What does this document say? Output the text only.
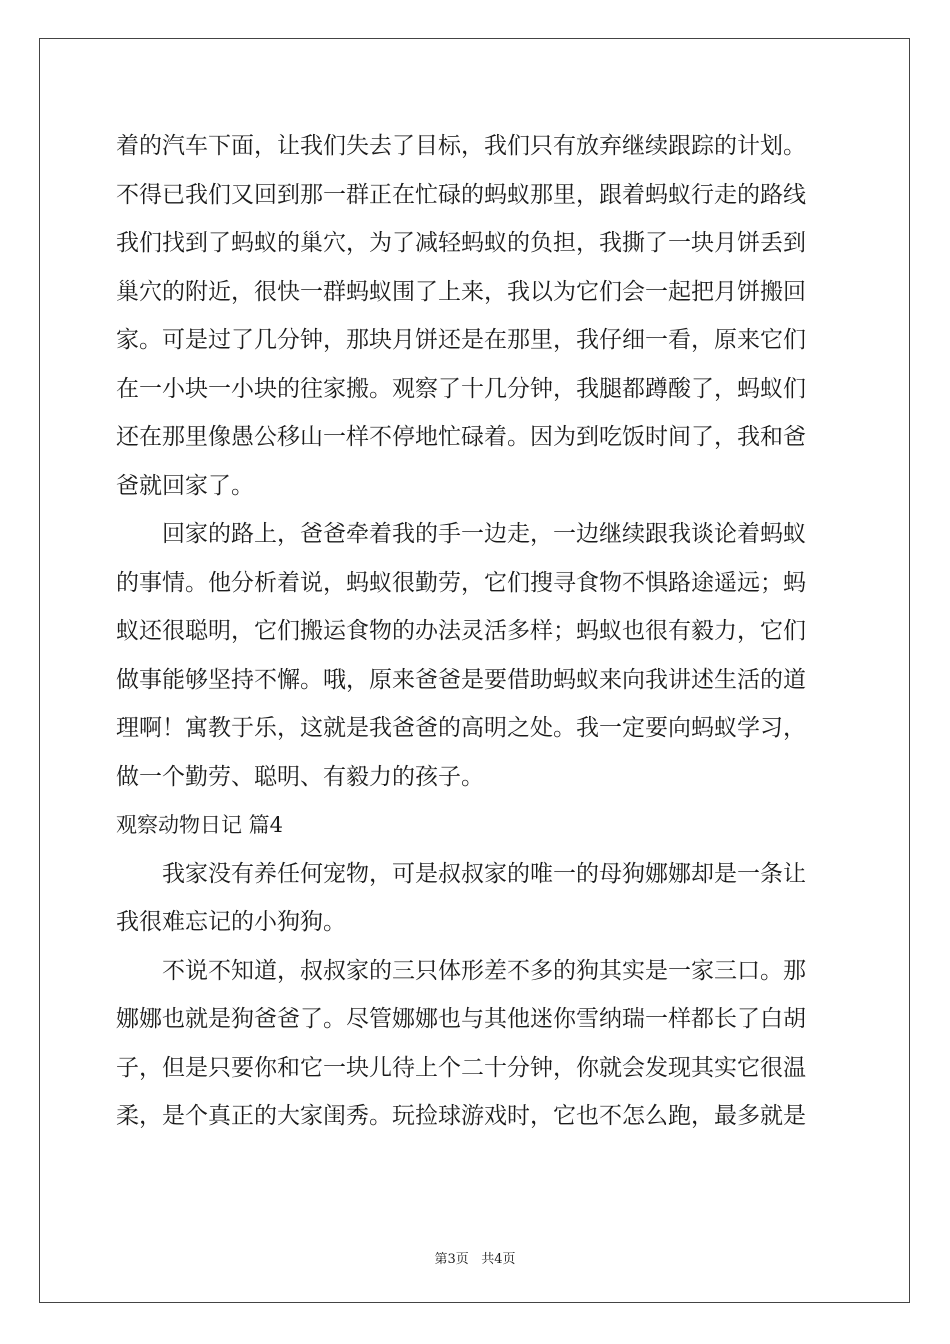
着的汽车下面，让我们失去了目标，我们只有放弃继续跟踪的计划。
不得已我们又回到那一群正在忙碌的蚂蚁那里，跟着蚂蚁行走的路线
我们找到了蚂蚁的巢穴，为了减轻蚂蚁的负担，我撕了一块月饼丢到
巢穴的附近，很快一群蚂蚁围了上来，我以为它们会一起把月饼搬回
家。可是过了几分钟，那块月饼还是在那里，我仔细一看，原来它们
在一小块一小块的往家搬。观察了十几分钟，我腿都蹲酸了，蚂蚁们
还在那里像愚公移山一样不停地忙碌着。因为到吃饭时间了，我和爸
爸就回家了。
回家的路上，爸爸牵着我的手一边走，一边继续跟我谈论着蚂蚁
的事情。他分析着说，蚂蚁很勤劳，它们搜寻食物不惧路途遥远；蚂
蚁还很聪明，它们搬运食物的办法灵活多样；蚂蚁也很有毅力，它们
做事能够坚持不懈。哦，原来爸爸是要借助蚂蚁来向我讲述生活的道
理啊！寓教于乐，这就是我爸爸的高明之处。我一定要向蚂蚁学习，
做一个勤劳、聪明、有毅力的孩子。
观察动物日记 篇4
我家没有养任何宠物，可是叔叔家的唯一的母狗娜娜却是一条让
我很难忘记的小狗狗。
不说不知道，叔叔家的三只体形差不多的狗其实是一家三口。那
娜娜也就是狗爸爸了。尽管娜娜也与其他迷你雪纳瑞一样都长了白胡
子，但是只要你和它一块儿待上个二十分钟，你就会发现其实它很温
柔，是个真正的大家闺秀。玩捡球游戏时，它也不怎么跑，最多就是
第3页 共4页
